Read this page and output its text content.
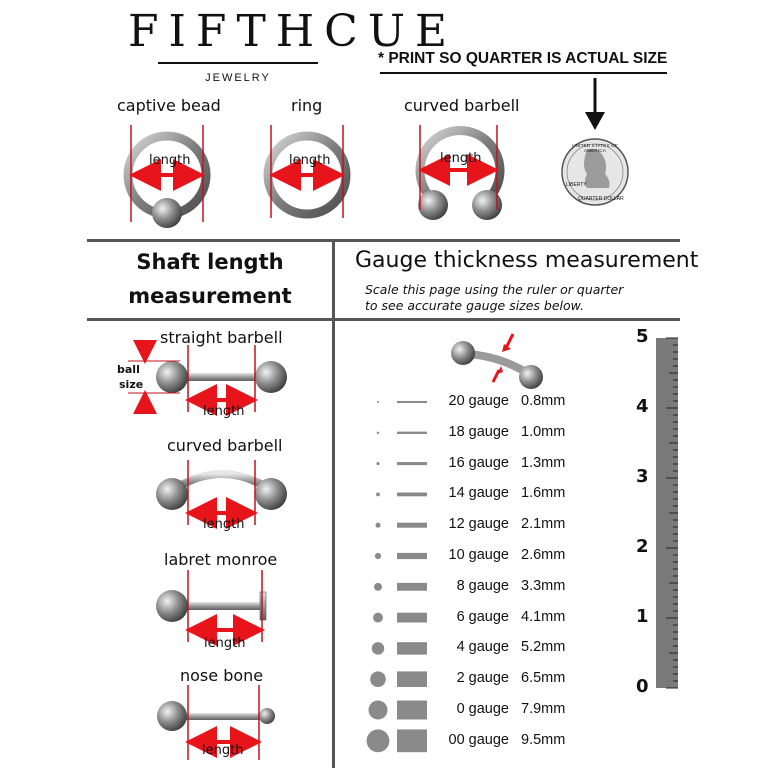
FIFTHCUE
JEWELRY
* PRINT SO QUARTER IS ACTUAL SIZE
captive bead	ring	curved barbell
length	length	length
UNITED STATES OF AMERICA
LIBERTY
QUARTER DOLLAR
Shaft length
measurement
Gauge thickness measurement
Scale this page using the ruler or quarter
to see accurate gauge sizes below.
straight barbell
curved barbell
labret monroe
nose bone
ball
size
length
length
length
length
20 gauge 0.8mm
18 gauge 1.0mm
16 gauge 1.3mm
14 gauge 1.6mm
12 gauge 2.1mm
10 gauge 2.6mm
8 gauge 3.3mm
6 gauge 4.1mm
4 gauge 5.2mm
2 gauge 6.5mm
0 gauge 7.9mm
00 gauge 9.5mm
5
4
3
2
1
0
